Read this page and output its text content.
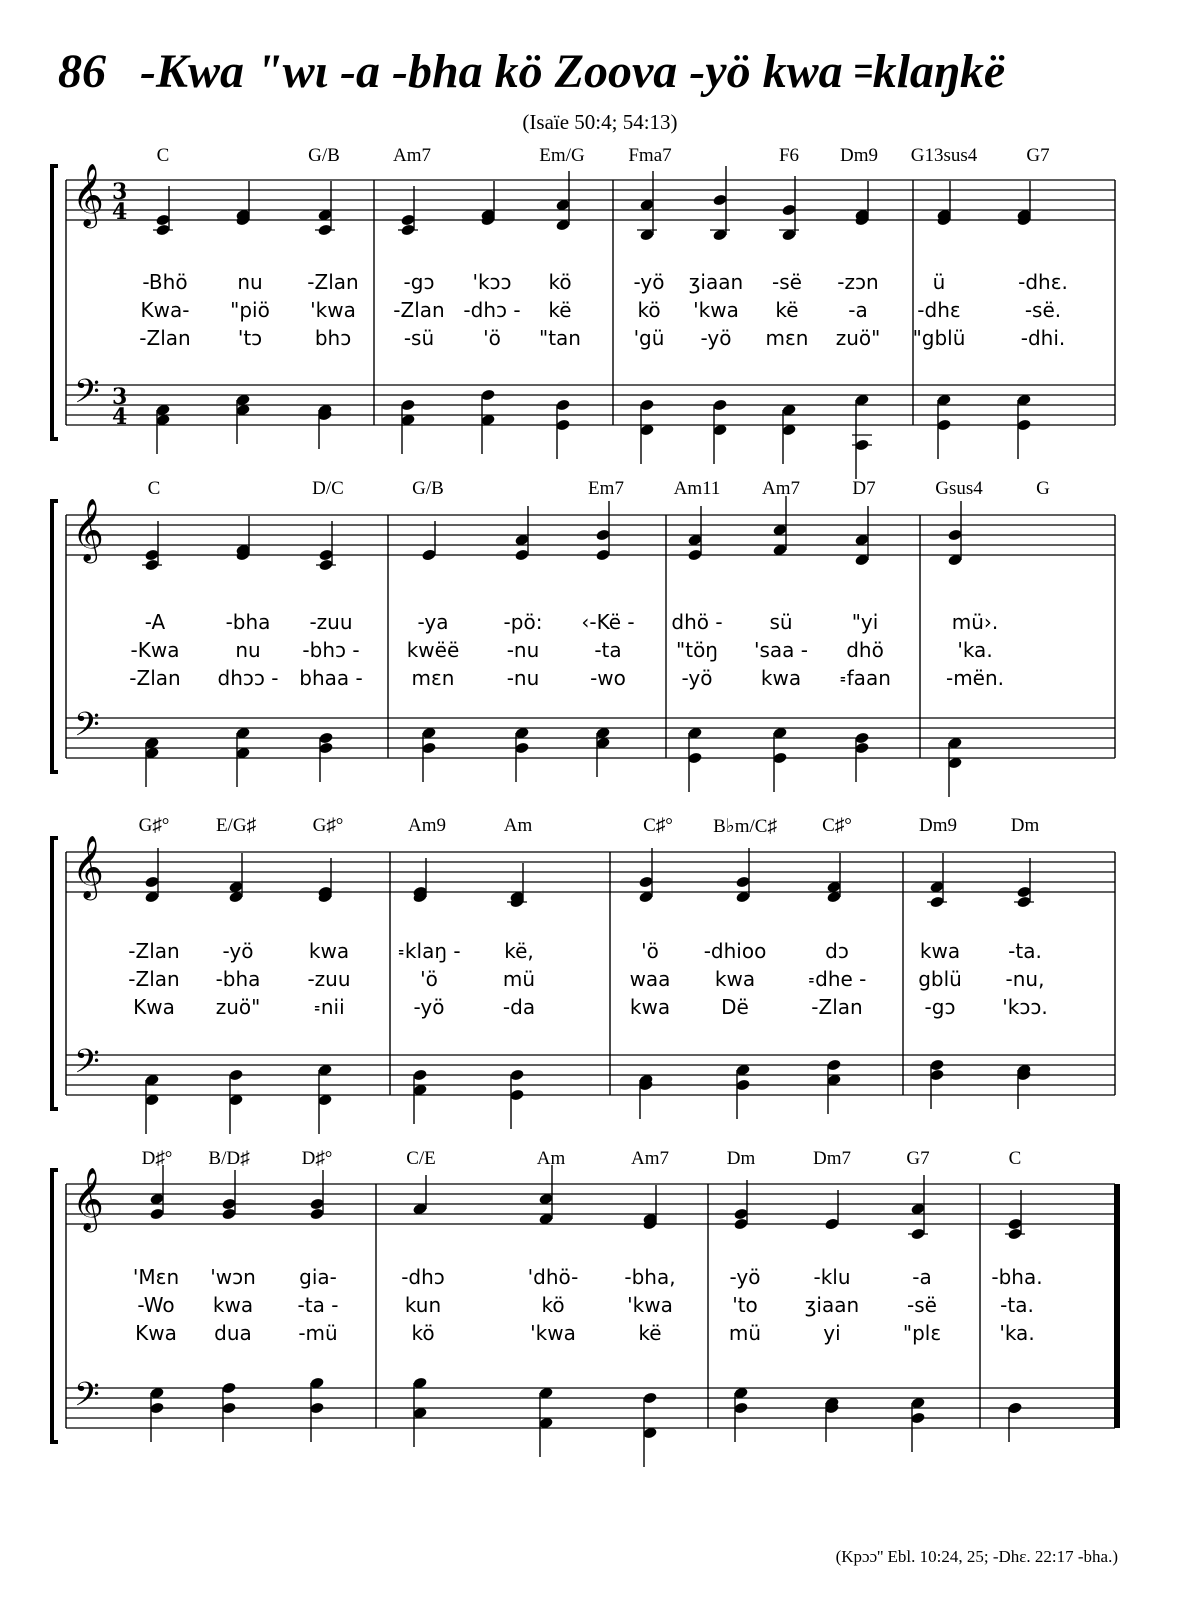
86 -Kwa "wɩ -a -bha kö Zoova -yö kwa ꞊klaŋkë
(Isaïe 50:4; 54:13)
C	G/B	Am7	Em/G Fma7	F6 Dm9 G13sus4	G7
-Bhö nu -Zlan -gɔ 'kɔɔ kö	-yö ʒiaan -së -zɔn	ü	-dhɛ.
Kwa- "piö 'kwa -Zlan -dhɔ - kë	kö 'kwa kë -a -dhɛ	-së.
-Zlan 'tɔ	bhɔ	-sü 'ö "tan	'gü -yö mɛn zuö" "gblü	-dhi.
𝄞
𝄢
3
4
3
4
C	D/C	G/B	Em7	Am11 Am7	D7	Gsus4	G
-A	-bha -zuu	-ya	-pö: ‹-Kë - dhö - sü	"yi	mü›.
-Kwa	nu -bhɔ - kwëë -nu	-ta	"töŋ 'saa - dhö	'ka.
-Zlan dhɔɔ - bhaa - mɛn	-nu	-wo	-yö kwa ꞊faan	-mën.
𝄞
𝄢
G♯° E/G♯	G♯°	Am9	Am	C♯° B♭m/C♯ C♯°	Dm9	Dm
-Zlan -yö	kwa ꞊klaŋ - kë,	'ö -dhioo	dɔ	kwa -ta.
-Zlan -bha -zuu	'ö	mü	waa kwa	꞊dhe -	gblü -nu,
Kwa zuö"	꞊nii	-yö	-da	kwa	Dë	-Zlan	-gɔ 'kɔɔ.
𝄞
𝄢
D♯° B/D♯	D♯°	C/E	Am	Am7	Dm	Dm7	G7	C
'Mɛn 'wɔn gia-	-dhɔ	'dhö- -bha,	-yö	-klu	-a	-bha.
-Wo kwa -ta -	kun	kö	'kwa	'to ʒiaan -së	-ta.
Kwa dua -mü	kö	'kwa	kë	mü	yi	"plɛ	'ka.
𝄞
𝄢
(Kpɔɔ'' Ebl. 10:24, 25; -Dhɛ. 22:17 -bha.)
